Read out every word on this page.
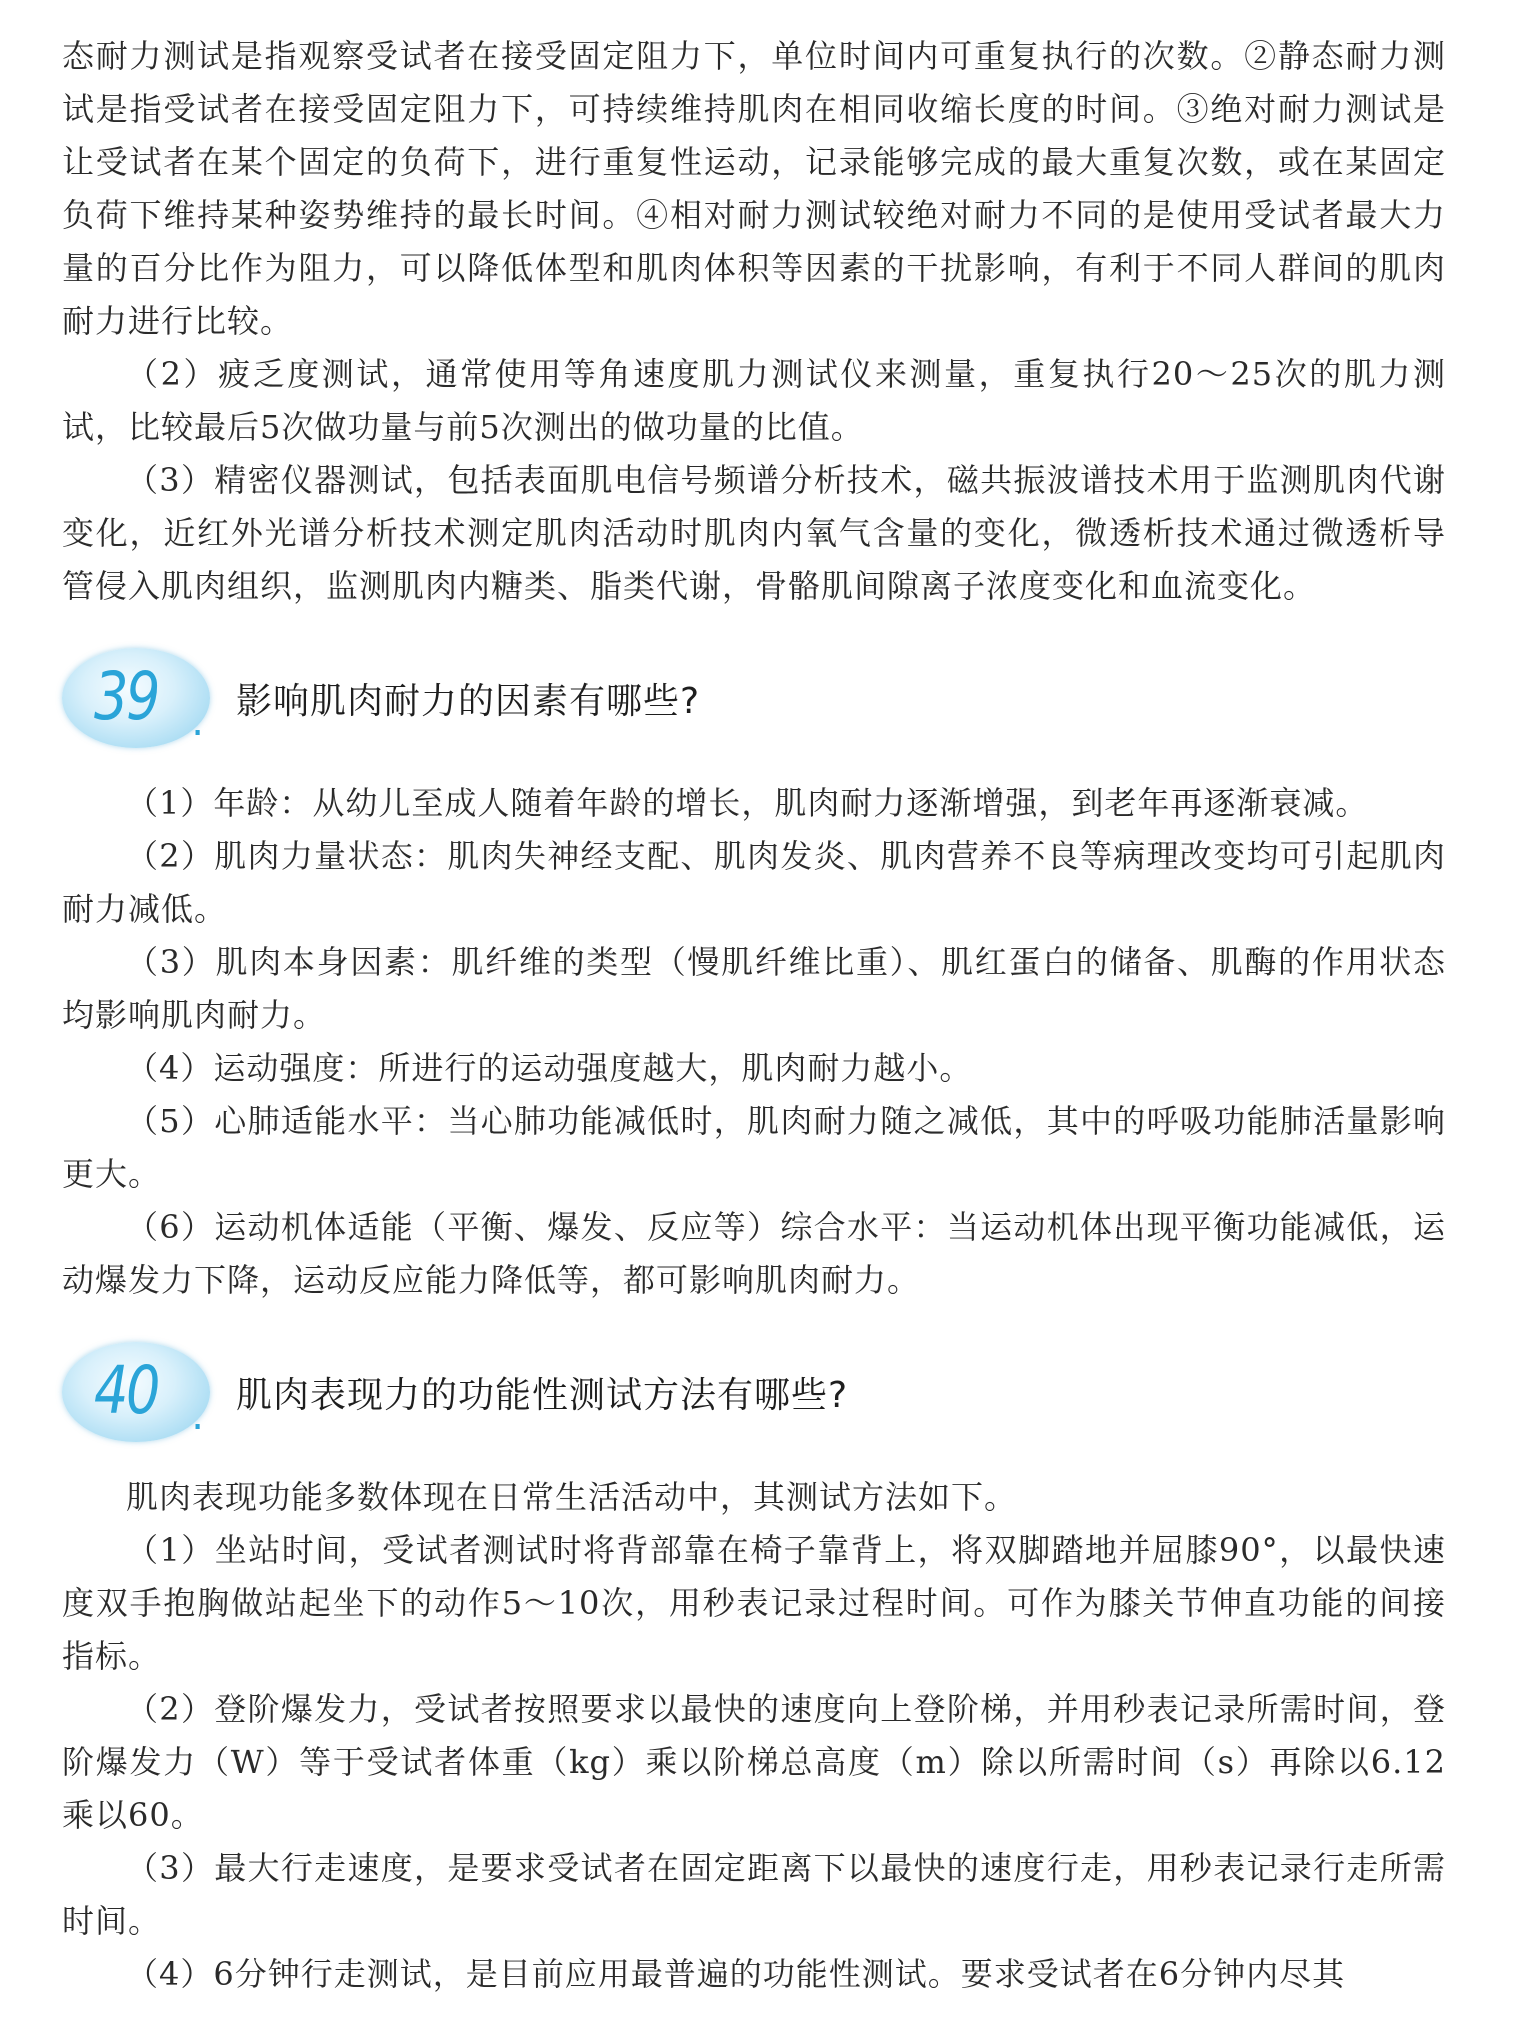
态耐力测试是指观察受试者在接受固定阻力下，单位时间内可重复执行的次数。②静态耐力测试是指受试者在接受固定阻力下，可持续维持肌肉在相同收缩长度的时间。③绝对耐力测试是让受试者在某个固定的负荷下，进行重复性运动，记录能够完成的最大重复次数，或在某固定负荷下维持某种姿势维持的最长时间。④相对耐力测试较绝对耐力不同的是使用受试者最大力量的百分比作为阻力，可以降低体型和肌肉体积等因素的干扰影响，有利于不同人群间的肌肉耐力进行比较。

（2）疲乏度测试，通常使用等角速度肌力测试仪来测量，重复执行20～25次的肌力测试，比较最后5次做功量与前5次测出的做功量的比值。

（3）精密仪器测试，包括表面肌电信号频谱分析技术，磁共振波谱技术用于监测肌肉代谢变化，近红外光谱分析技术测定肌肉活动时肌肉内氧气含量的变化，微透析技术通过微透析导管侵入肌肉组织，监测肌肉内糖类、脂类代谢，骨骼肌间隙离子浓度变化和血流变化。

39 . 影响肌肉耐力的因素有哪些?

（1）年龄：从幼儿至成人随着年龄的增长，肌肉耐力逐渐增强，到老年再逐渐衰减。

（2）肌肉力量状态：肌肉失神经支配、肌肉发炎、肌肉营养不良等病理改变均可引起肌肉耐力减低。

（3）肌肉本身因素：肌纤维的类型（慢肌纤维比重）、肌红蛋白的储备、肌酶的作用状态均影响肌肉耐力。

（4）运动强度：所进行的运动强度越大，肌肉耐力越小。

（5）心肺适能水平：当心肺功能减低时，肌肉耐力随之减低，其中的呼吸功能肺活量影响更大。

（6）运动机体适能（平衡、爆发、反应等）综合水平：当运动机体出现平衡功能减低，运动爆发力下降，运动反应能力降低等，都可影响肌肉耐力。

40 . 肌肉表现力的功能性测试方法有哪些?

肌肉表现功能多数体现在日常生活活动中，其测试方法如下。

（1）坐站时间，受试者测试时将背部靠在椅子靠背上，将双脚踏地并屈膝90°，以最快速度双手抱胸做站起坐下的动作5～10次，用秒表记录过程时间。可作为膝关节伸直功能的间接指标。

（2）登阶爆发力，受试者按照要求以最快的速度向上登阶梯，并用秒表记录所需时间，登阶爆发力（W）等于受试者体重（kg）乘以阶梯总高度（m）除以所需时间（s）再除以6.12乘以60。

（3）最大行走速度，是要求受试者在固定距离下以最快的速度行走，用秒表记录行走所需时间。

（4）6分钟行走测试，是目前应用最普遍的功能性测试。要求受试者在6分钟内尽其
